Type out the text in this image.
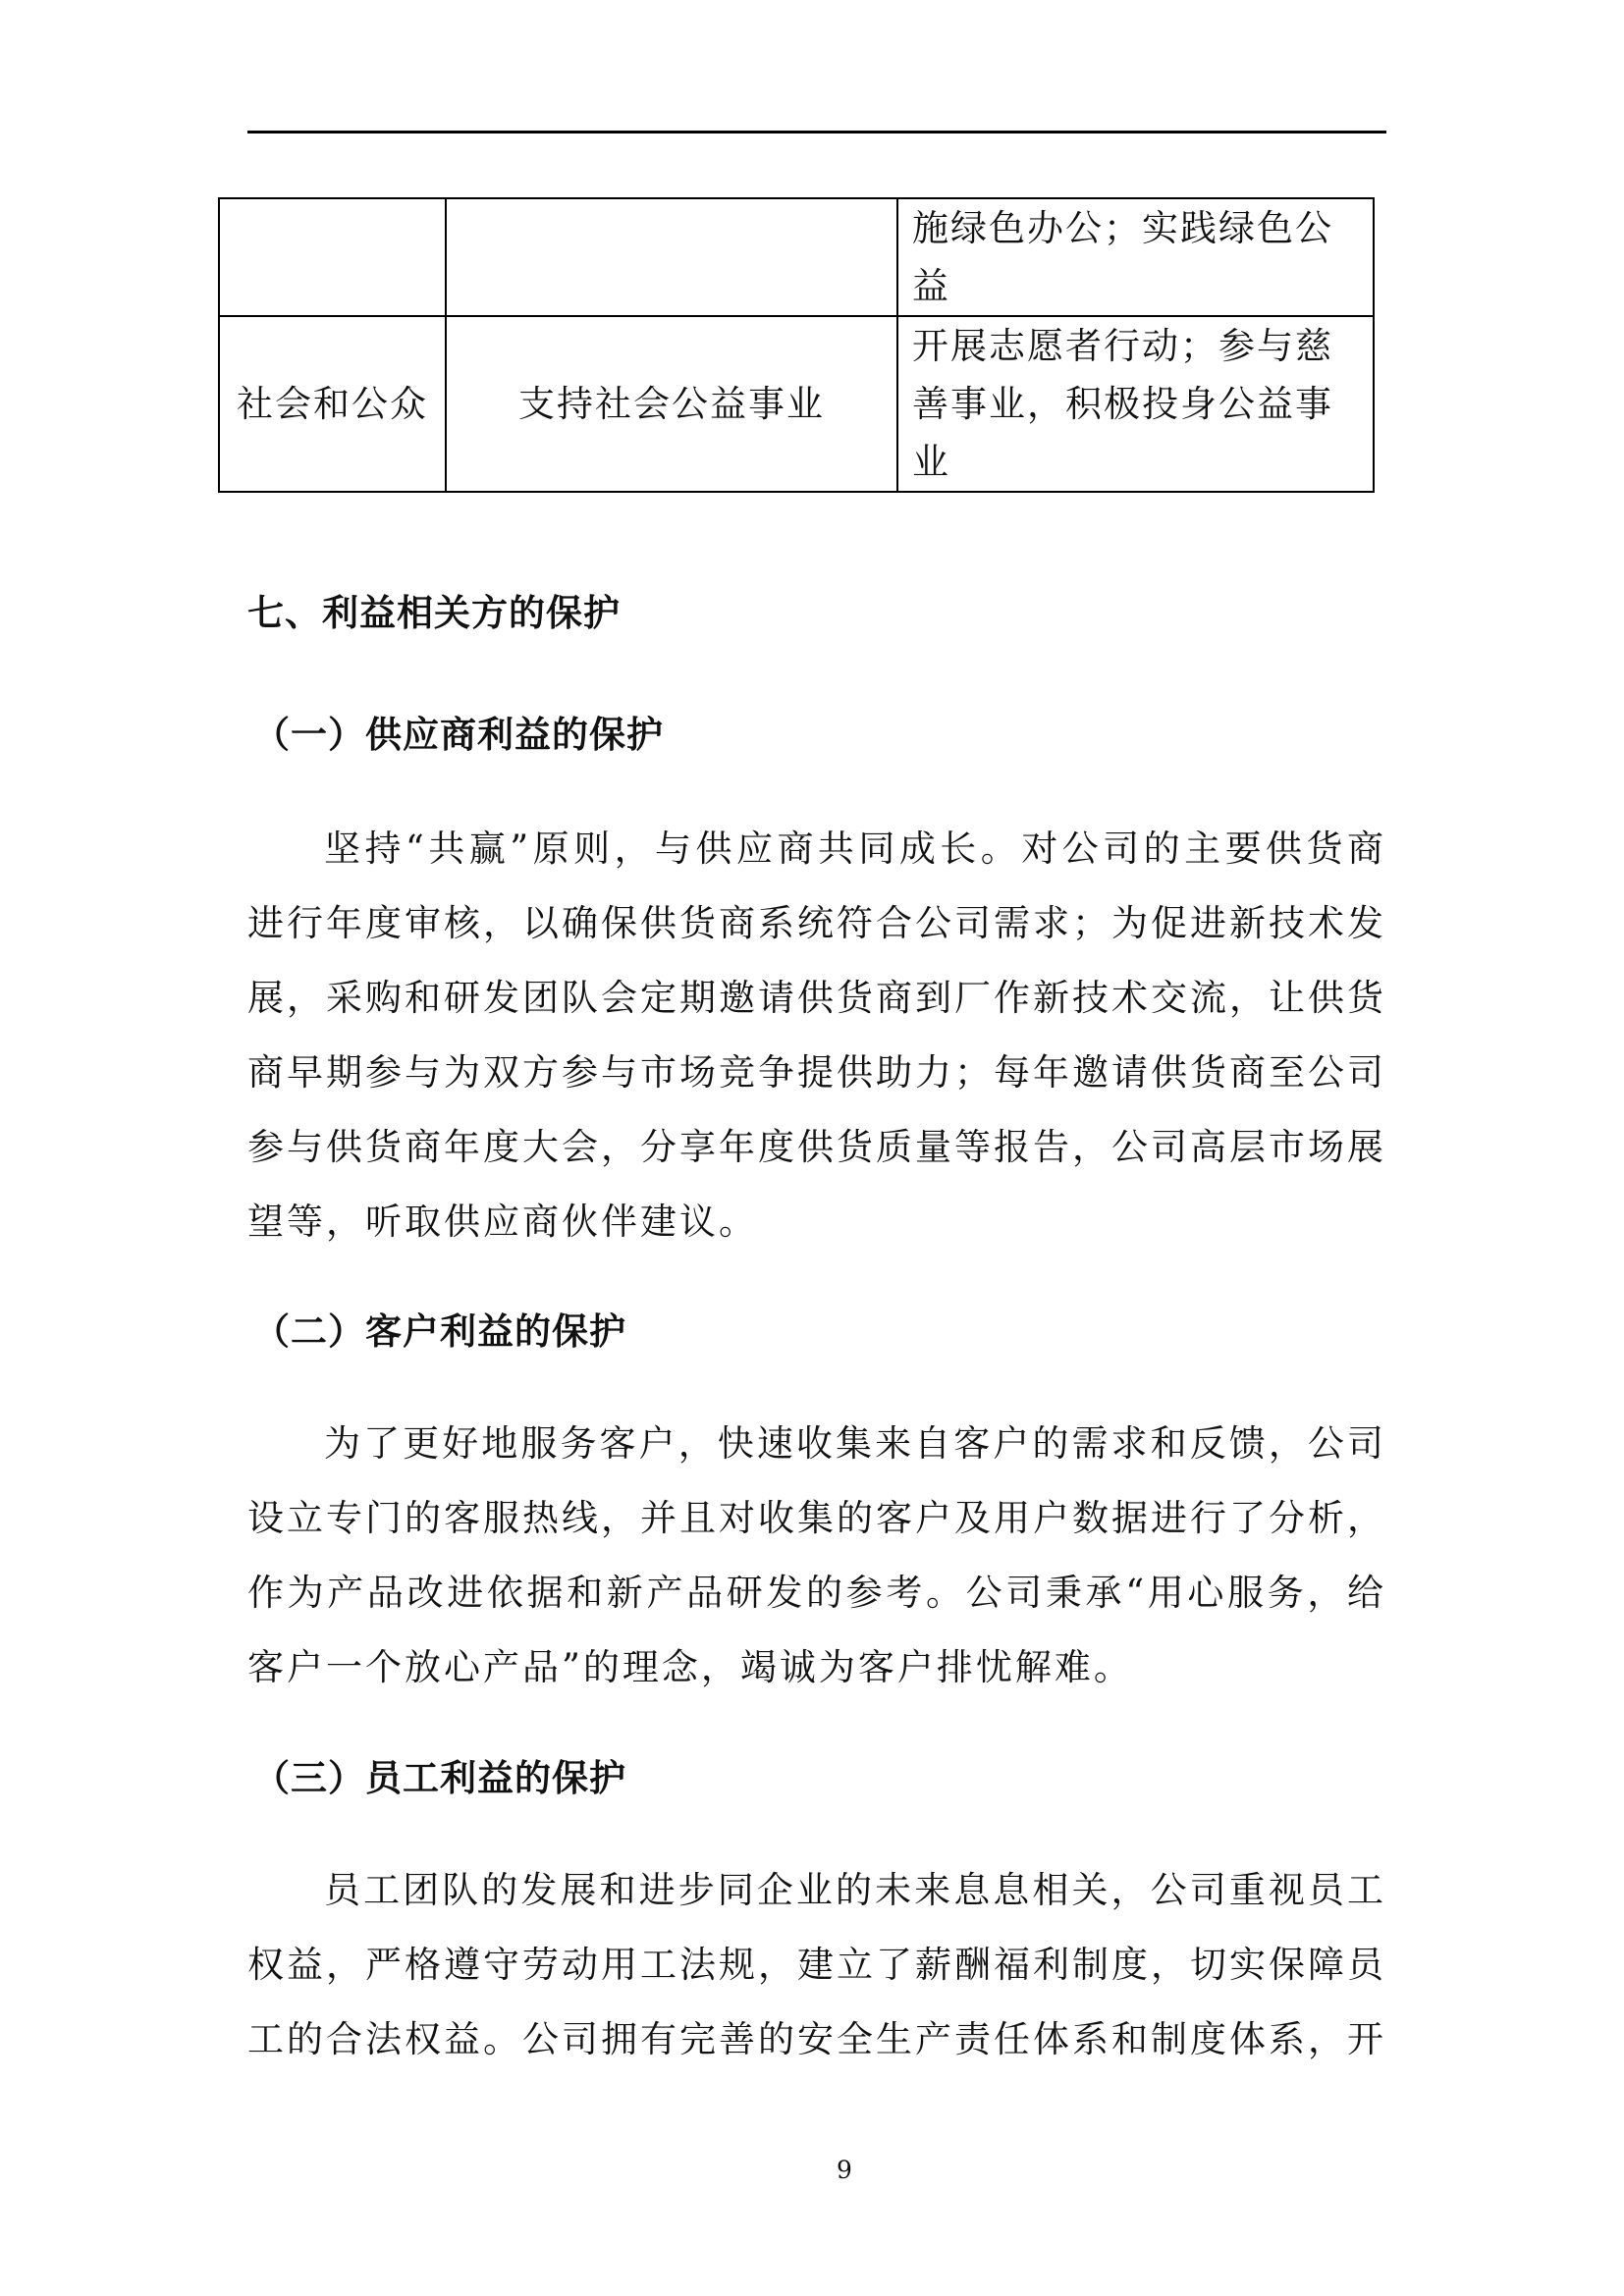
		施绿色办公；实践绿色公益
社会和公众	支持社会公益事业	开展志愿者行动；参与慈善事业，积极投身公益事业
七、利益相关方的保护
（一）供应商利益的保护
坚持“共赢”原则，与供应商共同成长。对公司的主要供货商进行年度审核，以确保供货商系统符合公司需求；为促进新技术发展，采购和研发团队会定期邀请供货商到厂作新技术交流，让供货商早期参与为双方参与市场竞争提供助力；每年邀请供货商至公司参与供货商年度大会，分享年度供货质量等报告，公司高层市场展望等，听取供应商伙伴建议。
（二）客户利益的保护
为了更好地服务客户，快速收集来自客户的需求和反馈，公司设立专门的客服热线，并且对收集的客户及用户数据进行了分析，作为产品改进依据和新产品研发的参考。公司秉承“用心服务，给客户一个放心产品”的理念，竭诚为客户排忧解难。
（三）员工利益的保护
员工团队的发展和进步同企业的未来息息相关，公司重视员工权益，严格遵守劳动用工法规，建立了薪酬福利制度，切实保障员工的合法权益。公司拥有完善的安全生产责任体系和制度体系，开
9
